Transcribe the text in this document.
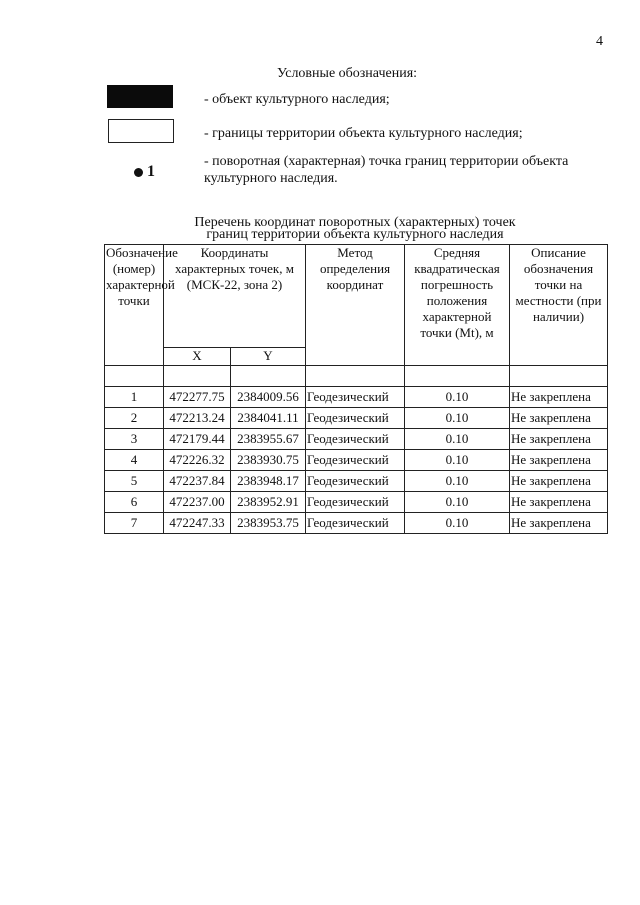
4
Условные обозначения:
- объект культурного наследия;
- границы территории объекта культурного наследия;
1
- поворотная (характерная) точка границ территории объекта культурного наследия.
Перечень координат поворотных (характерных) точек
границ территории объекта культурного наследия
Обозначение (номер) характерной точки	Координаты характерных точек, м (МСК-22, зона 2)		Метод определения координат	Средняя квадратическая погрешность положения характерной точки (Mt), м	Описание обозначения точки на местности (при наличии)
	X	Y			

1	472277.75	2384009.56	Геодезический	0.10	Не закреплена
2	472213.24	2384041.11	Геодезический	0.10	Не закреплена
3	472179.44	2383955.67	Геодезический	0.10	Не закреплена
4	472226.32	2383930.75	Геодезический	0.10	Не закреплена
5	472237.84	2383948.17	Геодезический	0.10	Не закреплена
6	472237.00	2383952.91	Геодезический	0.10	Не закреплена
7	472247.33	2383953.75	Геодезический	0.10	Не закреплена
